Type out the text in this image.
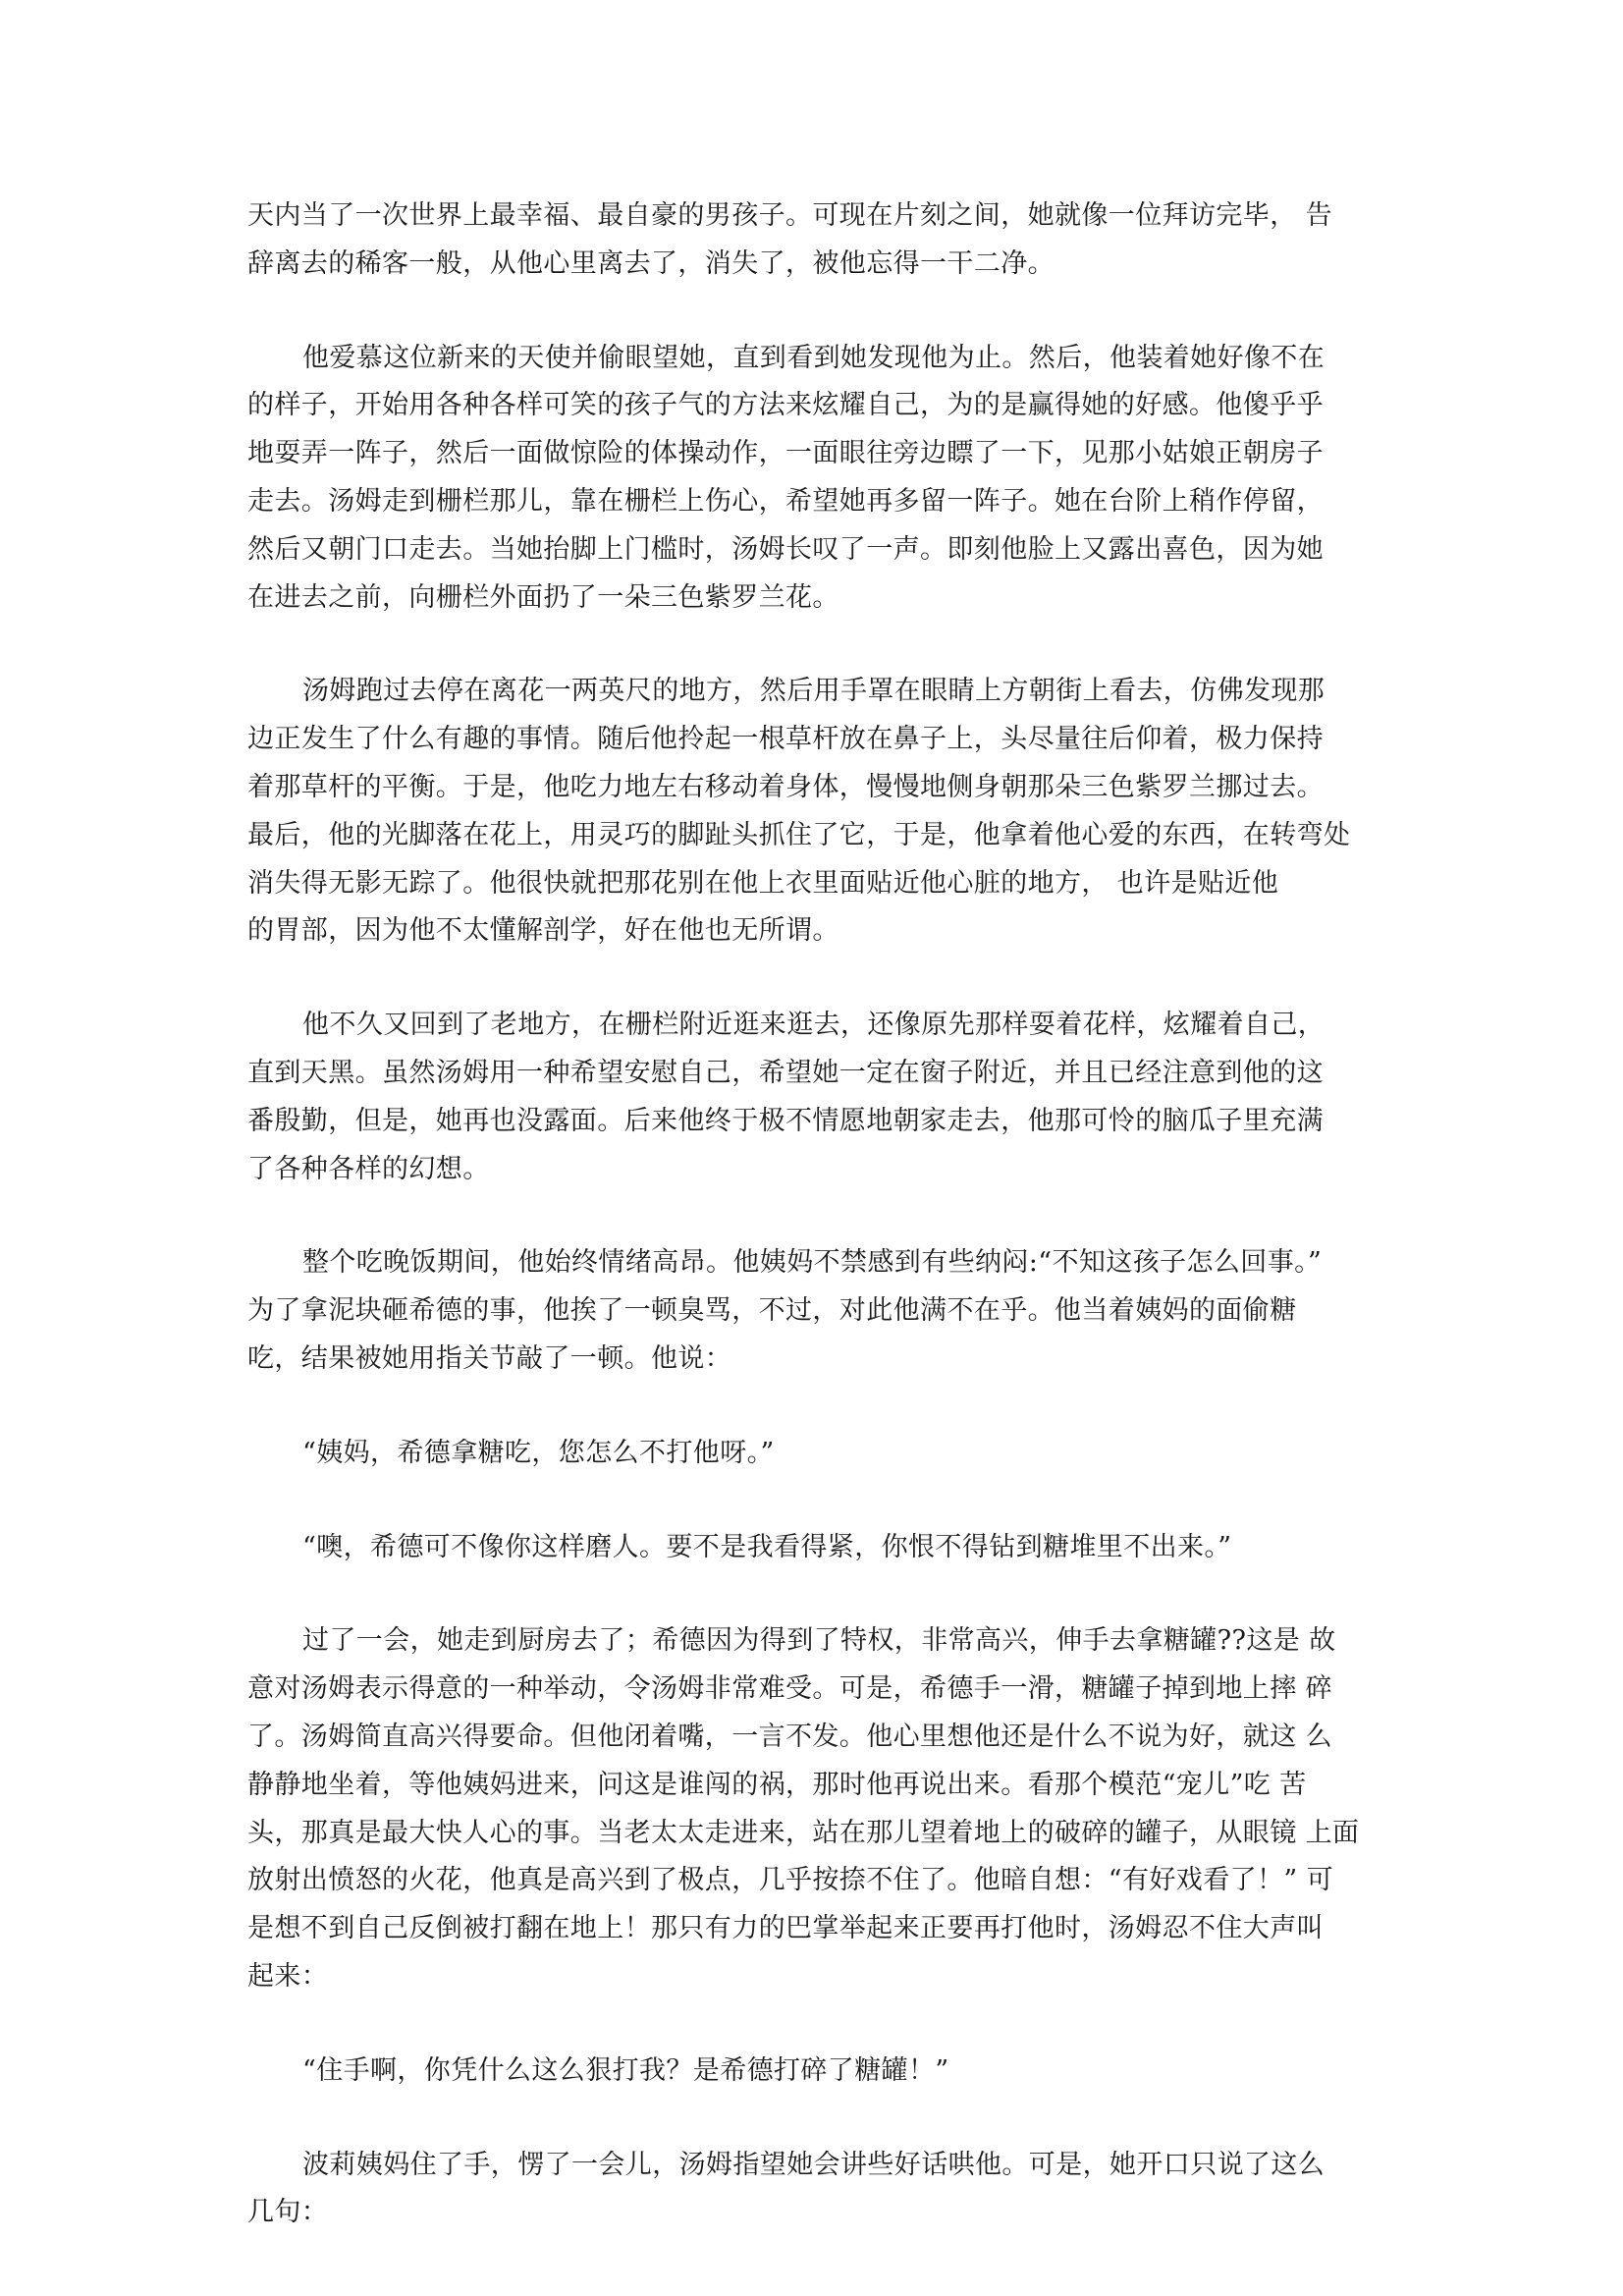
天内当了一次世界上最幸福、最自豪的男孩子。可现在片刻之间，她就像一位拜访完毕， 告
辞离去的稀客一般，从他心里离去了，消失了，被他忘得一干二净。

他爱慕这位新来的天使并偷眼望她，直到看到她发现他为止。然后，他装着她好像不在
的样子，开始用各种各样可笑的孩子气的方法来炫耀自己，为的是赢得她的好感。他傻乎乎
地耍弄一阵子，然后一面做惊险的体操动作，一面眼往旁边瞟了一下，见那小姑娘正朝房子
走去。汤姆走到栅栏那儿，靠在栅栏上伤心，希望她再多留一阵子。她在台阶上稍作停留，
然后又朝门口走去。当她抬脚上门槛时，汤姆长叹了一声。即刻他脸上又露出喜色，因为她
在进去之前，向栅栏外面扔了一朵三色紫罗兰花。

汤姆跑过去停在离花一两英尺的地方，然后用手罩在眼睛上方朝街上看去，仿佛发现那
边正发生了什么有趣的事情。随后他拎起一根草杆放在鼻子上，头尽量往后仰着，极力保持
着那草杆的平衡。于是，他吃力地左右移动着身体，慢慢地侧身朝那朵三色紫罗兰挪过去。
最后，他的光脚落在花上，用灵巧的脚趾头抓住了它，于是，他拿着他心爱的东西，在转弯处
消失得无影无踪了。他很快就把那花别在他上衣里面贴近他心脏的地方， 也许是贴近他
的胃部，因为他不太懂解剖学，好在他也无所谓。

他不久又回到了老地方，在栅栏附近逛来逛去，还像原先那样耍着花样，炫耀着自己，
直到天黑。虽然汤姆用一种希望安慰自己，希望她一定在窗子附近，并且已经注意到他的这
番殷勤，但是，她再也没露面。后来他终于极不情愿地朝家走去，他那可怜的脑瓜子里充满
了各种各样的幻想。

整个吃晚饭期间，他始终情绪高昂。他姨妈不禁感到有些纳闷:“不知这孩子怎么回事。”
为了拿泥块砸希德的事，他挨了一顿臭骂，不过，对此他满不在乎。他当着姨妈的面偷糖
吃，结果被她用指关节敲了一顿。他说：

“姨妈，希德拿糖吃，您怎么不打他呀。”

“噢，希德可不像你这样磨人。要不是我看得紧，你恨不得钻到糖堆里不出来。”

过了一会，她走到厨房去了；希德因为得到了特权，非常高兴，伸手去拿糖罐??这是 故
意对汤姆表示得意的一种举动，令汤姆非常难受。可是，希德手一滑，糖罐子掉到地上摔 碎
了。汤姆简直高兴得要命。但他闭着嘴，一言不发。他心里想他还是什么不说为好，就这 么
静静地坐着，等他姨妈进来，问这是谁闯的祸，那时他再说出来。看那个模范“宠儿”吃 苦
头，那真是最大快人心的事。当老太太走进来，站在那儿望着地上的破碎的罐子，从眼镜 上面
放射出愤怒的火花，他真是高兴到了极点，几乎按捺不住了。他暗自想：“有好戏看了！” 可
是想不到自己反倒被打翻在地上！那只有力的巴掌举起来正要再打他时，汤姆忍不住大声叫
起来：

“住手啊，你凭什么这么狠打我？是希德打碎了糖罐！”

波莉姨妈住了手，愣了一会儿，汤姆指望她会讲些好话哄他。可是，她开口只说了这么
几句：
